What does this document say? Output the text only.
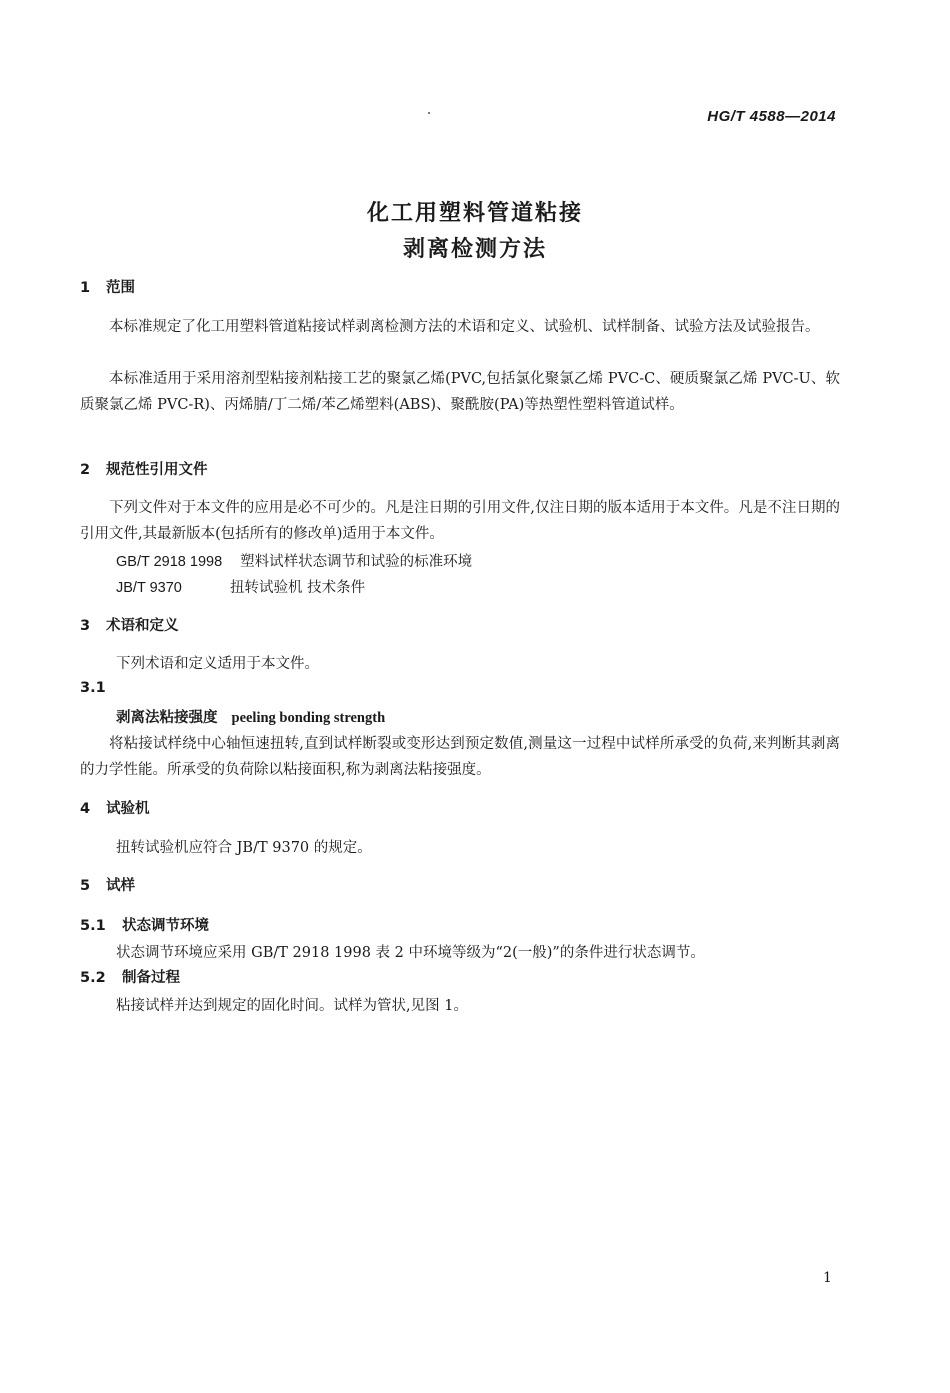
HG/T 4588—2014
化工用塑料管道粘接
剥离检测方法
1 范围
本标准规定了化工用塑料管道粘接试样剥离检测方法的术语和定义、试验机、试样制备、试验方法及试验报告。
本标准适用于采用溶剂型粘接剂粘接工艺的聚氯乙烯(PVC,包括氯化聚氯乙烯 PVC-C、硬质聚氯乙烯 PVC-U、软质聚氯乙烯 PVC-R)、丙烯腈/丁二烯/苯乙烯塑料(ABS)、聚酰胺(PA)等热塑性塑料管道试样。
2 规范性引用文件
下列文件对于本文件的应用是必不可少的。凡是注日期的引用文件,仅注日期的版本适用于本文件。凡是不注日期的引用文件,其最新版本(包括所有的修改单)适用于本文件。
GB/T 2918 1998 塑料试样状态调节和试验的标准环境
JB/T 9370	扭转试验机 技术条件
3 术语和定义
下列术语和定义适用于本文件。
3.1
剥离法粘接强度 peeling bonding strength
将粘接试样绕中心轴恒速扭转,直到试样断裂或变形达到预定数值,测量这一过程中试样所承受的负荷,来判断其剥离的力学性能。所承受的负荷除以粘接面积,称为剥离法粘接强度。
4 试验机
扭转试验机应符合 JB/T 9370 的规定。
5 试样
5.1 状态调节环境
状态调节环境应采用 GB/T 2918 1998 表 2 中环境等级为“2(一般)”的条件进行状态调节。
5.2 制备过程
粘接试样并达到规定的固化时间。试样为管状,见图 1。
1
